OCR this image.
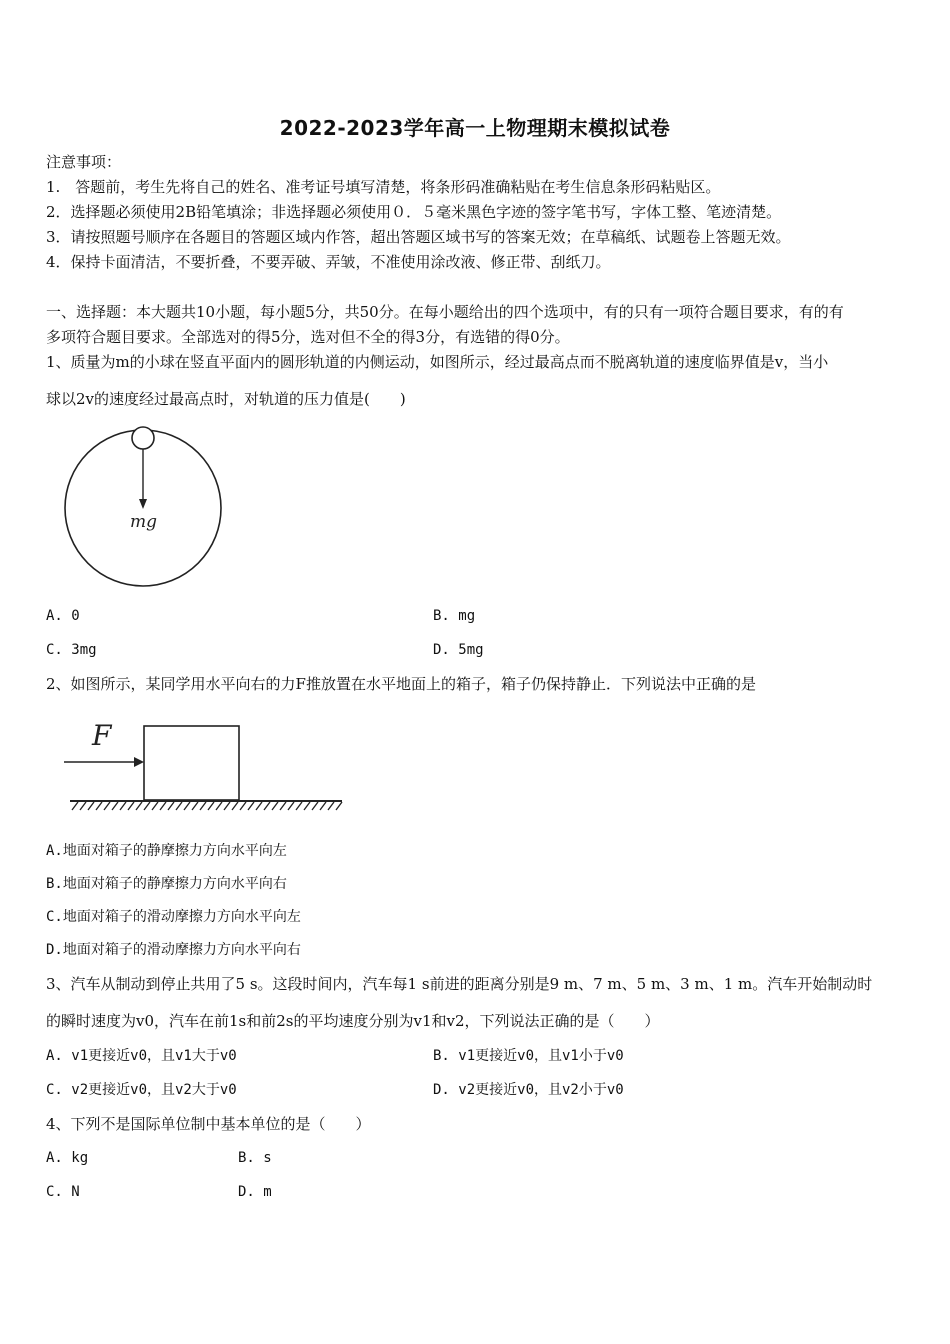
2022-2023学年高一上物理期末模拟试卷
注意事项：
1.　答题前，考生先将自己的姓名、准考证号填写清楚，将条形码准确粘贴在考生信息条形码粘贴区。
2．选择题必须使用2B铅笔填涂；非选择题必须使用０．５毫米黑色字迹的签字笔书写，字体工整、笔迹清楚。
3．请按照题号顺序在各题目的答题区域内作答，超出答题区域书写的答案无效；在草稿纸、试题卷上答题无效。
4．保持卡面清洁，不要折叠，不要弄破、弄皱，不准使用涂改液、修正带、刮纸刀。
一、选择题：本大题共10小题，每小题5分，共50分。在每小题给出的四个选项中，有的只有一项符合题目要求，有的有
多项符合题目要求。全部选对的得5分，选对但不全的得3分，有选错的得0分。
1、质量为m的小球在竖直平面内的圆形轨道的内侧运动，如图所示，经过最高点而不脱离轨道的速度临界值是v，当小
球以2v的速度经过最高点时，对轨道的压力值是(　　)
mg
A. 0	B. mg
C. 3mg	D. 5mg
2、如图所示，某同学用水平向右的力F推放置在水平地面上的箱子，箱子仍保持静止．下列说法中正确的是
F
A.地面对箱子的静摩擦力方向水平向左
B.地面对箱子的静摩擦力方向水平向右
C.地面对箱子的滑动摩擦力方向水平向左
D.地面对箱子的滑动摩擦力方向水平向右
3、汽车从制动到停止共用了5 s。这段时间内，汽车每1 s前进的距离分别是9 m、7 m、5 m、3 m、1 m。汽车开始制动时
的瞬时速度为v0，汽车在前1s和前2s的平均速度分别为v1和v2，下列说法正确的是（　　）
A. v1更接近v0，且v1大于v0	B. v1更接近v0，且v1小于v0
C. v2更接近v0，且v2大于v0	D. v2更接近v0，且v2小于v0
4、下列不是国际单位制中基本单位的是（　　）
A. kg	B. s
C. N	D. m
